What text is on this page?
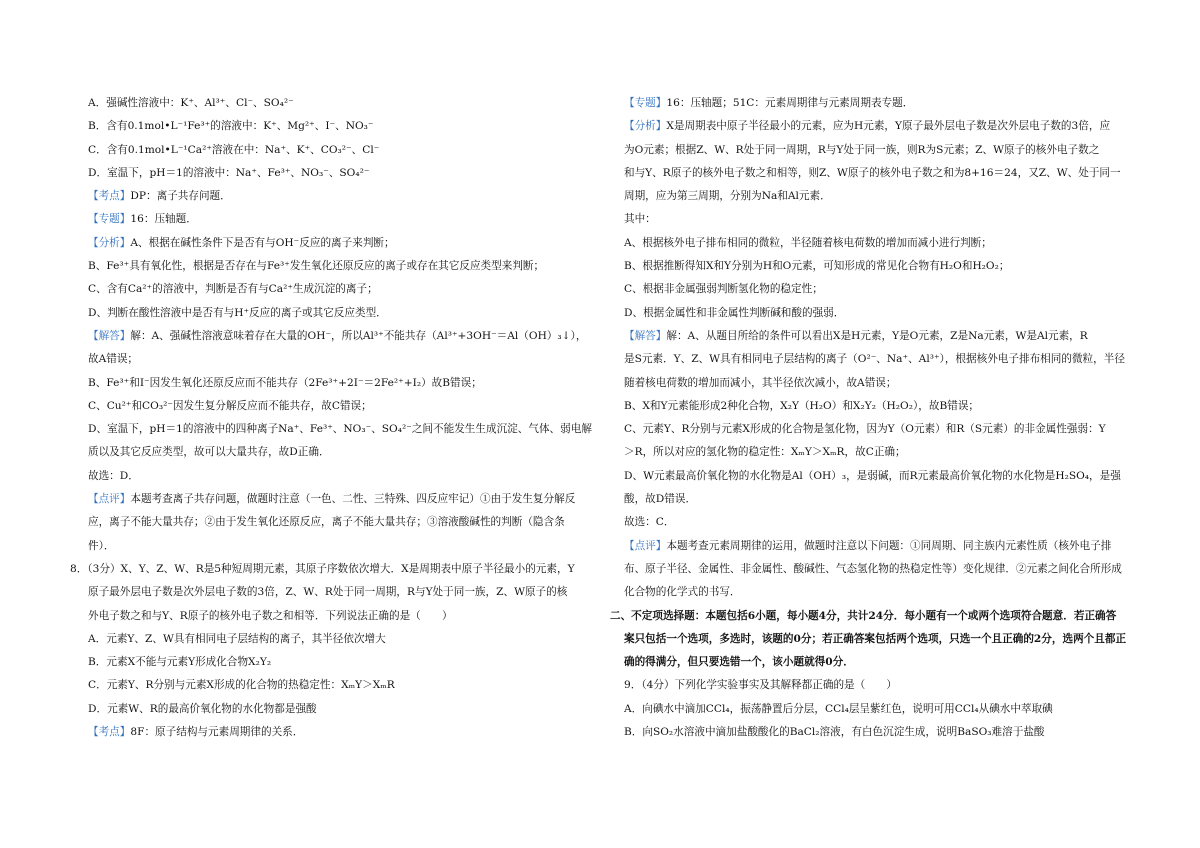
A．强碱性溶液中：K⁺、Al³⁺、Cl⁻、SO₄²⁻

B．含有0.1mol•L⁻¹Fe³⁺的溶液中：K⁺、Mg²⁺、I⁻、NO₃⁻

C．含有0.1mol•L⁻¹Ca²⁺溶液在中：Na⁺、K⁺、CO₃²⁻、Cl⁻

D．室温下，pH＝1的溶液中：Na⁺、Fe³⁺、NO₃⁻、SO₄²⁻

【考点】DP：离子共存问题．

【专题】16：压轴题．

【分析】A、根据在碱性条件下是否有与OH⁻反应的离子来判断；

B、Fe³⁺具有氧化性，根据是否存在与Fe³⁺发生氧化还原反应的离子或存在其它反应类型来判断；

C、含有Ca²⁺的溶液中，判断是否有与Ca²⁺生成沉淀的离子；

D、判断在酸性溶液中是否有与H⁺反应的离子或其它反应类型．

【解答】解：A、强碱性溶液意味着存在大量的OH⁻，所以Al³⁺不能共存（Al³⁺+3OH⁻＝Al（OH）₃↓），

故A错误；

B、Fe³⁺和I⁻因发生氧化还原反应而不能共存（2Fe³⁺+2I⁻＝2Fe²⁺+I₂）故B错误；

C、Cu²⁺和CO₃²⁻因发生复分解反应而不能共存，故C错误；

D、室温下，pH＝1的溶液中的四种离子Na⁺、Fe³⁺、NO₃⁻、SO₄²⁻之间不能发生生成沉淀、气体、弱电解

质以及其它反应类型，故可以大量共存，故D正确．

故选：D．

【点评】本题考查离子共存问题，做题时注意（一色、二性、三特殊、四反应牢记）①由于发生复分解反

应，离子不能大量共存；②由于发生氧化还原反应，离子不能大量共存；③溶液酸碱性的判断（隐含条

件）．

8．（3分）X、Y、Z、W、R是5种短周期元素，其原子序数依次增大．X是周期表中原子半径最小的元素，Y

原子最外层电子数是次外层电子数的3倍，Z、W、R处于同一周期，R与Y处于同一族，Z、W原子的核

外电子数之和与Y、R原子的核外电子数之和相等．下列说法正确的是（　　）

A．元素Y、Z、W具有相同电子层结构的离子，其半径依次增大

B．元素X不能与元素Y形成化合物X₂Y₂

C．元素Y、R分别与元素X形成的化合物的热稳定性：XₘY＞XₘR

D．元素W、R的最高价氧化物的水化物都是强酸

【考点】8F：原子结构与元素周期律的关系．

【专题】16：压轴题；51C：元素周期律与元素周期表专题．

【分析】X是周期表中原子半径最小的元素，应为H元素，Y原子最外层电子数是次外层电子数的3倍，应

为O元素；根据Z、W、R处于同一周期，R与Y处于同一族，则R为S元素；Z、W原子的核外电子数之

和与Y、R原子的核外电子数之和相等，则Z、W原子的核外电子数之和为8+16＝24，又Z、W、处于同一

周期，应为第三周期，分别为Na和Al元素．

其中：

A、根据核外电子排布相同的微粒，半径随着核电荷数的增加而减小进行判断；

B、根据推断得知X和Y分别为H和O元素，可知形成的常见化合物有H₂O和H₂O₂；

C、根据非金属强弱判断氢化物的稳定性；

D、根据金属性和非金属性判断碱和酸的强弱．

【解答】解：A、从题目所给的条件可以看出X是H元素，Y是O元素，Z是Na元素，W是Al元素，R

是S元素．Y、Z、W具有相同电子层结构的离子（O²⁻、Na⁺、Al³⁺），根据核外电子排布相同的微粒，半径

随着核电荷数的增加而减小，其半径依次减小，故A错误；

B、X和Y元素能形成2种化合物，X₂Y（H₂O）和X₂Y₂（H₂O₂），故B错误；

C、元素Y、R分别与元素X形成的化合物是氢化物，因为Y（O元素）和R（S元素）的非金属性强弱：Y

＞R，所以对应的氢化物的稳定性：XₘY＞XₘR，故C正确；

D、W元素最高价氧化物的水化物是Al（OH）₃，是弱碱，而R元素最高价氧化物的水化物是H₂SO₄，是强

酸，故D错误．

故选：C．

【点评】本题考查元素周期律的运用，做题时注意以下问题：①同周期、同主族内元素性质（核外电子排

布、原子半径、金属性、非金属性、酸碱性、气态氢化物的热稳定性等）变化规律．②元素之间化合所形成

化合物的化学式的书写．

二、不定项选择题：本题包括6小题，每小题4分，共计24分．每小题有一个或两个选项符合题意．若正确答

案只包括一个选项，多选时，该题的0分；若正确答案包括两个选项，只选一个且正确的2分，选两个且都正

确的得满分，但只要选错一个，该小题就得0分．

9．（4分）下列化学实验事实及其解释都正确的是（　　）

A．向碘水中滴加CCl₄，振荡静置后分层，CCl₄层呈紫红色，说明可用CCl₄从碘水中萃取碘

B．向SO₂水溶液中滴加盐酸酸化的BaCl₂溶液，有白色沉淀生成，说明BaSO₃难溶于盐酸
